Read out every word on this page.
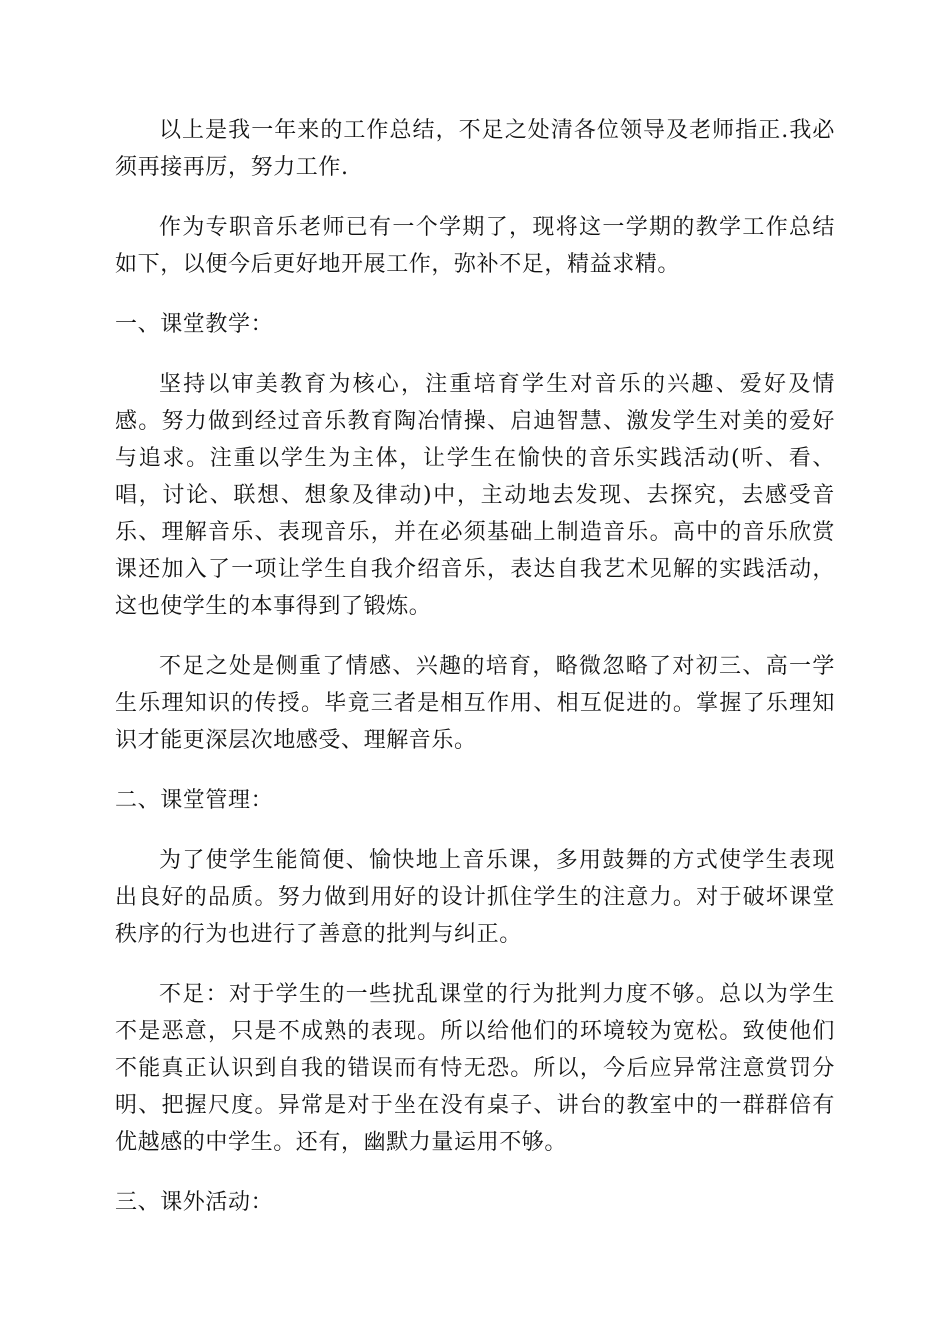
以上是我一年来的工作总结，不足之处清各位领导及老师指正.我必须再接再厉，努力工作.

作为专职音乐老师已有一个学期了，现将这一学期的教学工作总结如下，以便今后更好地开展工作，弥补不足，精益求精。

一、课堂教学：

坚持以审美教育为核心，注重培育学生对音乐的兴趣、爱好及情感。努力做到经过音乐教育陶冶情操、启迪智慧、激发学生对美的爱好与追求。注重以学生为主体，让学生在愉快的音乐实践活动(听、看、唱，讨论、联想、想象及律动)中，主动地去发现、去探究，去感受音乐、理解音乐、表现音乐，并在必须基础上制造音乐。高中的音乐欣赏课还加入了一项让学生自我介绍音乐，表达自我艺术见解的实践活动，这也使学生的本事得到了锻炼。

不足之处是侧重了情感、兴趣的培育，略微忽略了对初三、高一学生乐理知识的传授。毕竟三者是相互作用、相互促进的。掌握了乐理知识才能更深层次地感受、理解音乐。

二、课堂管理：

为了使学生能简便、愉快地上音乐课，多用鼓舞的方式使学生表现出良好的品质。努力做到用好的设计抓住学生的注意力。对于破坏课堂秩序的行为也进行了善意的批判与纠正。

不足：对于学生的一些扰乱课堂的行为批判力度不够。总以为学生不是恶意，只是不成熟的表现。所以给他们的环境较为宽松。致使他们不能真正认识到自我的错误而有恃无恐。所以，今后应异常注意赏罚分明、把握尺度。异常是对于坐在没有桌子、讲台的教室中的一群群倍有优越感的中学生。还有，幽默力量运用不够。

三、课外活动：
